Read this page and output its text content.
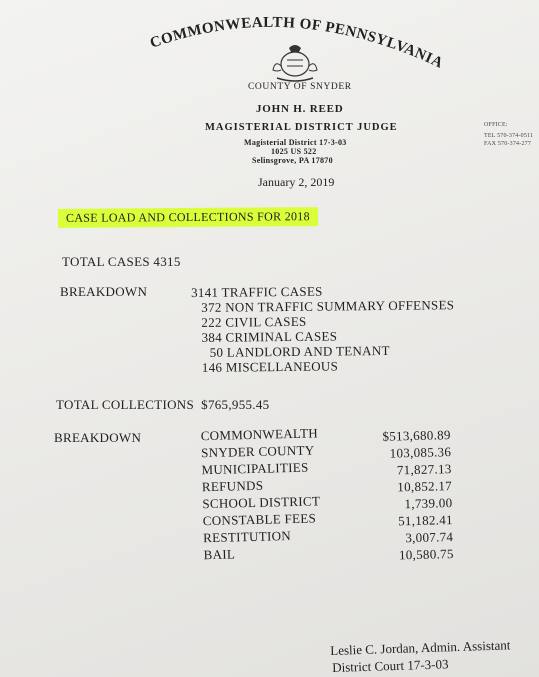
COMMONWEALTH OF PENNSYLVANIA
COUNTY OF SNYDER
JOHN H. REED
MAGISTERIAL DISTRICT JUDGE
Magisterial District 17-3-03
1025 US 522
Selinsgrove, PA 17870
OFFICE:
TEL 570-374-0511
FAX 570-374-277
January 2, 2019
CASE LOAD AND COLLECTIONS FOR 2018
TOTAL CASES 4315
BREAKDOWN	3141 TRAFFIC CASES
372 NON TRAFFIC SUMMARY OFFENSES
222 CIVIL CASES
384 CRIMINAL CASES
50 LANDLORD AND TENANT
146 MISCELLANEOUS
TOTAL COLLECTIONS $765,955.45
BREAKDOWN	COMMONWEALTH
SNYDER COUNTY
MUNICIPALITIES
REFUNDS
SCHOOL DISTRICT
CONSTABLE FEES
RESTITUTION
BAIL
$513,680.89
103,085.36
71,827.13
10,852.17
1,739.00
51,182.41
3,007.74
10,580.75
Leslie C. Jordan, Admin. Assistant
District Court 17-3-03
